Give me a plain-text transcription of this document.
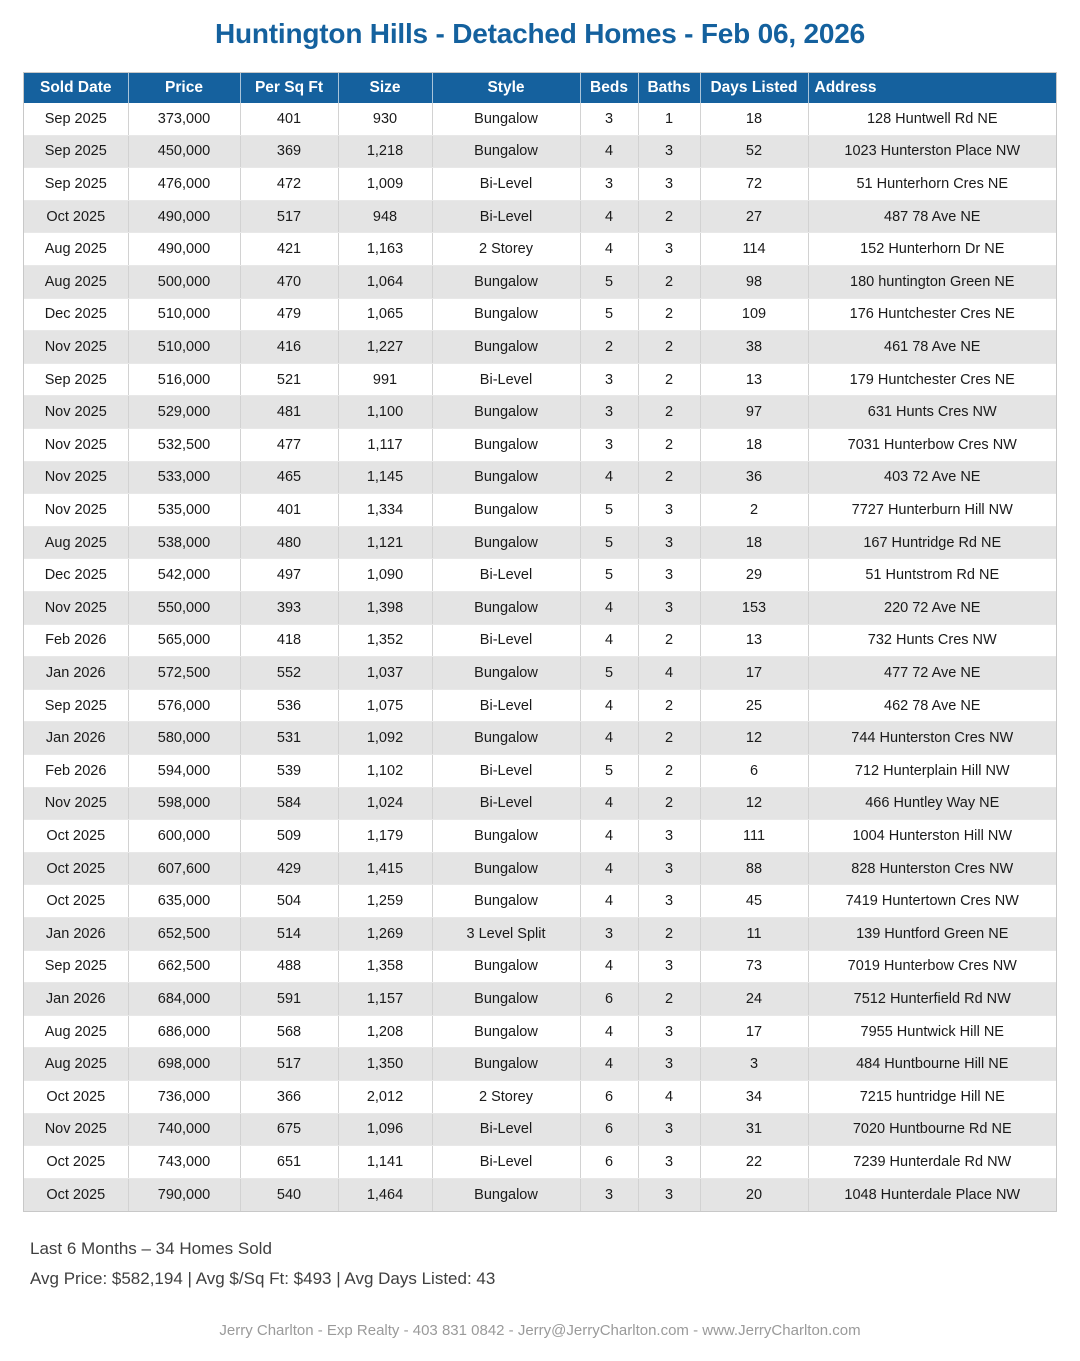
Huntington Hills - Detached Homes - Feb 06, 2026
Sold Date	Price	Per Sq Ft	Size	Style	Beds	Baths	Days Listed	Address
Sep 2025	373,000	401	930	Bungalow	3	1	18	128 Huntwell Rd NE
Sep 2025	450,000	369	1,218	Bungalow	4	3	52	1023 Hunterston Place NW
Sep 2025	476,000	472	1,009	Bi-Level	3	3	72	51 Hunterhorn Cres NE
Oct 2025	490,000	517	948	Bi-Level	4	2	27	487 78 Ave NE
Aug 2025	490,000	421	1,163	2 Storey	4	3	114	152 Hunterhorn Dr NE
Aug 2025	500,000	470	1,064	Bungalow	5	2	98	180 huntington Green NE
Dec 2025	510,000	479	1,065	Bungalow	5	2	109	176 Huntchester Cres NE
Nov 2025	510,000	416	1,227	Bungalow	2	2	38	461 78 Ave NE
Sep 2025	516,000	521	991	Bi-Level	3	2	13	179 Huntchester Cres NE
Nov 2025	529,000	481	1,100	Bungalow	3	2	97	631 Hunts Cres NW
Nov 2025	532,500	477	1,117	Bungalow	3	2	18	7031 Hunterbow Cres NW
Nov 2025	533,000	465	1,145	Bungalow	4	2	36	403 72 Ave NE
Nov 2025	535,000	401	1,334	Bungalow	5	3	2	7727 Hunterburn Hill NW
Aug 2025	538,000	480	1,121	Bungalow	5	3	18	167 Huntridge Rd NE
Dec 2025	542,000	497	1,090	Bi-Level	5	3	29	51 Huntstrom Rd NE
Nov 2025	550,000	393	1,398	Bungalow	4	3	153	220 72 Ave NE
Feb 2026	565,000	418	1,352	Bi-Level	4	2	13	732 Hunts Cres NW
Jan 2026	572,500	552	1,037	Bungalow	5	4	17	477 72 Ave NE
Sep 2025	576,000	536	1,075	Bi-Level	4	2	25	462 78 Ave NE
Jan 2026	580,000	531	1,092	Bungalow	4	2	12	744 Hunterston Cres NW
Feb 2026	594,000	539	1,102	Bi-Level	5	2	6	712 Hunterplain Hill NW
Nov 2025	598,000	584	1,024	Bi-Level	4	2	12	466 Huntley Way NE
Oct 2025	600,000	509	1,179	Bungalow	4	3	111	1004 Hunterston Hill NW
Oct 2025	607,600	429	1,415	Bungalow	4	3	88	828 Hunterston Cres NW
Oct 2025	635,000	504	1,259	Bungalow	4	3	45	7419 Huntertown Cres NW
Jan 2026	652,500	514	1,269	3 Level Split	3	2	11	139 Huntford Green NE
Sep 2025	662,500	488	1,358	Bungalow	4	3	73	7019 Hunterbow Cres NW
Jan 2026	684,000	591	1,157	Bungalow	6	2	24	7512 Hunterfield Rd NW
Aug 2025	686,000	568	1,208	Bungalow	4	3	17	7955 Huntwick Hill NE
Aug 2025	698,000	517	1,350	Bungalow	4	3	3	484 Huntbourne Hill NE
Oct 2025	736,000	366	2,012	2 Storey	6	4	34	7215 huntridge Hill NE
Nov 2025	740,000	675	1,096	Bi-Level	6	3	31	7020 Huntbourne Rd NE
Oct 2025	743,000	651	1,141	Bi-Level	6	3	22	7239 Hunterdale Rd NW
Oct 2025	790,000	540	1,464	Bungalow	3	3	20	1048 Hunterdale Place NW
Last 6 Months – 34 Homes Sold
Avg Price: $582,194 | Avg $/Sq Ft: $493 | Avg Days Listed: 43
Jerry Charlton - Exp Realty - 403 831 0842 - Jerry@JerryCharlton.com - www.JerryCharlton.com
